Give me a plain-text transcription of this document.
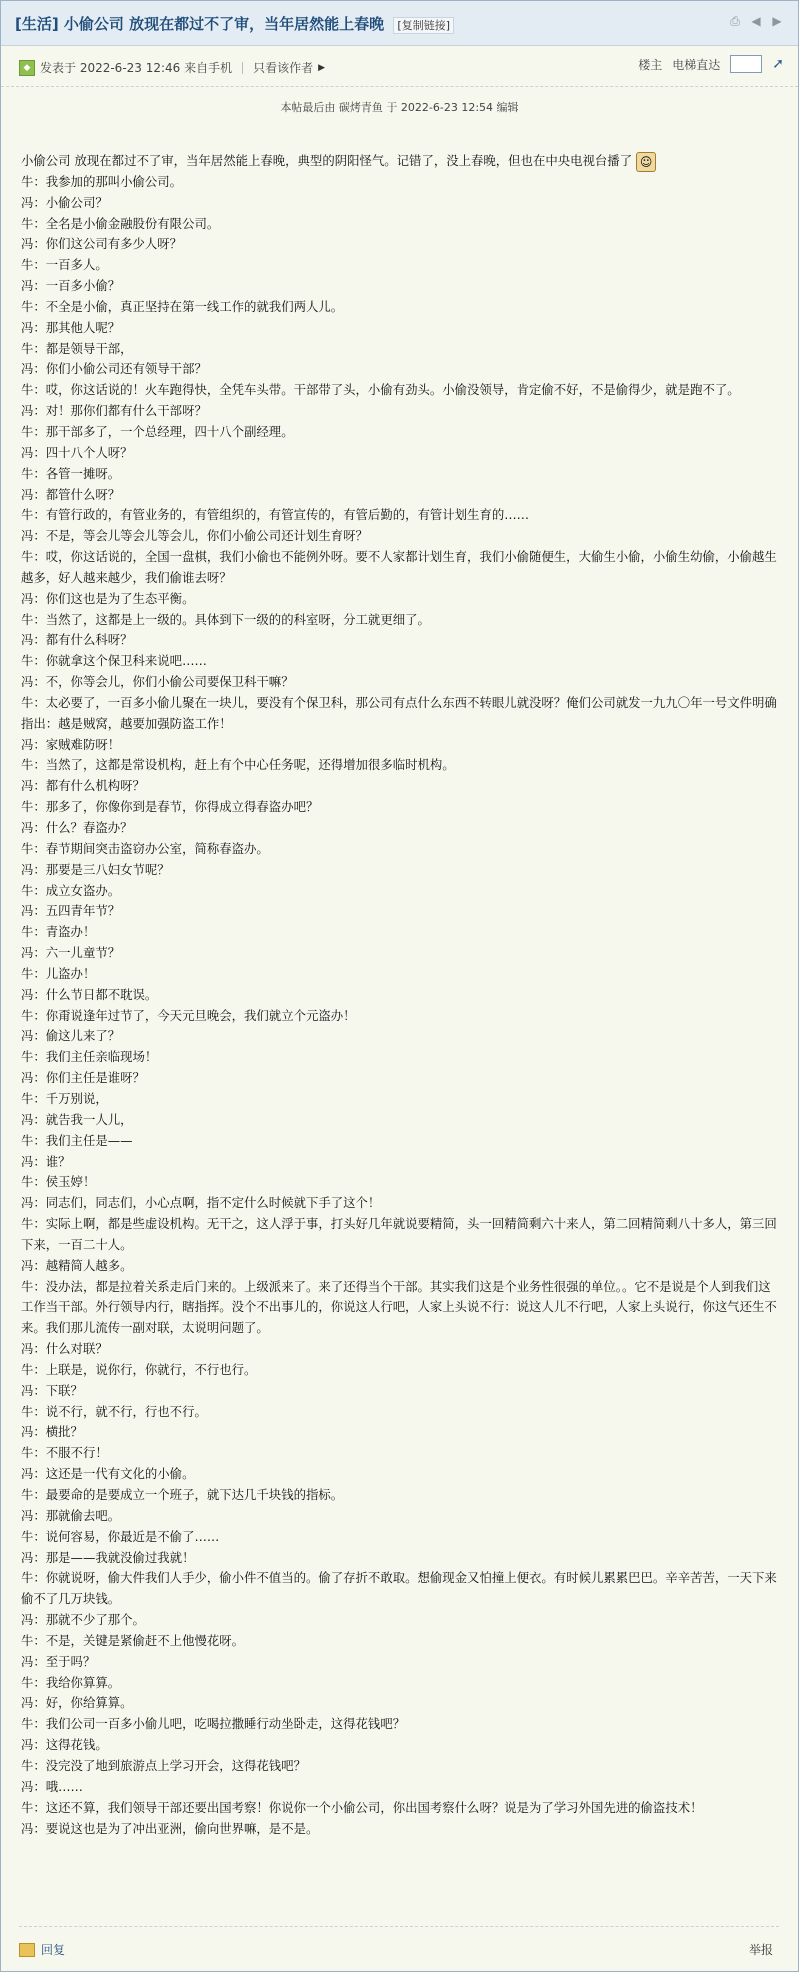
[生活] 小偷公司 放现在都过不了审，当年居然能上春晚 [复制链接]	⎙ ◀ ▶
◆ 发表于 2022-6-23 12:46 来自手机 只看该作者 ▶	楼主 电梯直达	➚
本帖最后由 碳烤青鱼 于 2022-6-23 12:54 编辑
小偷公司 放现在都过不了审，当年居然能上春晚，典型的阴阳怪气。记错了，没上春晚，但也在中央电视台播了 ☺
牛：我参加的那叫小偷公司。
冯：小偷公司？
牛：全名是小偷金融股份有限公司。
冯：你们这公司有多少人呀？
牛：一百多人。
冯：一百多小偷？
牛：不全是小偷，真正坚持在第一线工作的就我们两人儿。
冯：那其他人呢？
牛：都是领导干部，
冯：你们小偷公司还有领导干部？
牛：哎，你这话说的！火车跑得快，全凭车头带。干部带了头，小偷有劲头。小偷没领导，肯定偷不好，不是偷得少，就是跑不了。
冯：对！那你们都有什么干部呀？
牛：那干部多了，一个总经理，四十八个副经理。
冯：四十八个人呀？
牛：各管一摊呀。
冯：都管什么呀？
牛：有管行政的，有管业务的，有管组织的，有管宣传的，有管后勤的，有管计划生育的……
冯：不是，等会儿等会儿等会儿，你们小偷公司还计划生育呀？
牛：哎，你这话说的，全国一盘棋，我们小偷也不能例外呀。要不人家都计划生育，我们小偷随便生，大偷生小偷，小偷生幼偷，小偷越生越多，好人越来越少，我们偷谁去呀？
冯：你们这也是为了生态平衡。
牛：当然了，这都是上一级的。具体到下一级的的科室呀，分工就更细了。
冯：都有什么科呀？
牛：你就拿这个保卫科来说吧……
冯：不，你等会儿，你们小偷公司要保卫科干嘛？
牛：太必要了，一百多小偷儿聚在一块儿，要没有个保卫科，那公司有点什么东西不转眼儿就没呀？俺们公司就发一九九〇年一号文件明确指出：越是贼窝，越要加强防盗工作！
冯：家贼难防呀！
牛：当然了，这都是常设机构，赶上有个中心任务呢，还得增加很多临时机构。
冯：都有什么机构呀？
牛：那多了，你像你到是春节，你得成立得春盗办吧？
冯：什么？春盗办？
牛：春节期间突击盗窃办公室，简称春盗办。
冯：那要是三八妇女节呢？
牛：成立女盗办。
冯：五四青年节？
牛：青盗办！
冯：六一儿童节？
牛：儿盗办！
冯：什么节日都不耽误。
牛：你甭说逢年过节了，今天元旦晚会，我们就立个元盗办！
冯：偷这儿来了？
牛：我们主任亲临现场！
冯：你们主任是谁呀？
牛：千万别说，
冯：就告我一人儿，
牛：我们主任是——
冯：谁？
牛：侯玉婷！
冯：同志们，同志们，小心点啊，指不定什么时候就下手了这个！
牛：实际上啊，都是些虚设机构。无干之，这人浮于事，打头好几年就说要精简，头一回精简剩六十来人，第二回精简剩八十多人，第三回下来，一百二十人。
冯：越精简人越多。
牛：没办法，都是拉着关系走后门来的。上级派来了。来了还得当个干部。其实我们这是个业务性很强的单位。。它不是说是个人到我们这工作当干部。外行领导内行，瞎指挥。没个不出事儿的，你说这人行吧，人家上头说不行：说这人儿不行吧，人家上头说行，你这气还生不来。我们那儿流传一副对联，太说明问题了。
冯：什么对联？
牛：上联是，说你行，你就行，不行也行。
冯：下联？
牛：说不行，就不行，行也不行。
冯：横批？
牛：不服不行！
冯：这还是一代有文化的小偷。
牛：最要命的是要成立一个班子，就下达几千块钱的指标。
冯：那就偷去吧。
牛：说何容易，你最近是不偷了……
冯：那是——我就没偷过我就！
牛：你就说呀，偷大件我们人手少，偷小件不值当的。偷了存折不敢取。想偷现金又怕撞上便衣。有时候儿累累巴巴。辛辛苦苦，一天下来偷不了几万块钱。
冯：那就不少了那个。
牛：不是，关键是紧偷赶不上他慢花呀。
冯：至于吗？
牛：我给你算算。
冯：好，你给算算。
牛：我们公司一百多小偷儿吧，吃喝拉撒睡行动坐卧走，这得花钱吧？
冯：这得花钱。
牛：没完没了地到旅游点上学习开会，这得花钱吧？
冯：哦……
牛：这还不算，我们领导干部还要出国考察！你说你一个小偷公司，你出国考察什么呀？说是为了学习外国先进的偷盗技术！
冯：要说这也是为了冲出亚洲，偷向世界嘛，是不是。
回复	举报
